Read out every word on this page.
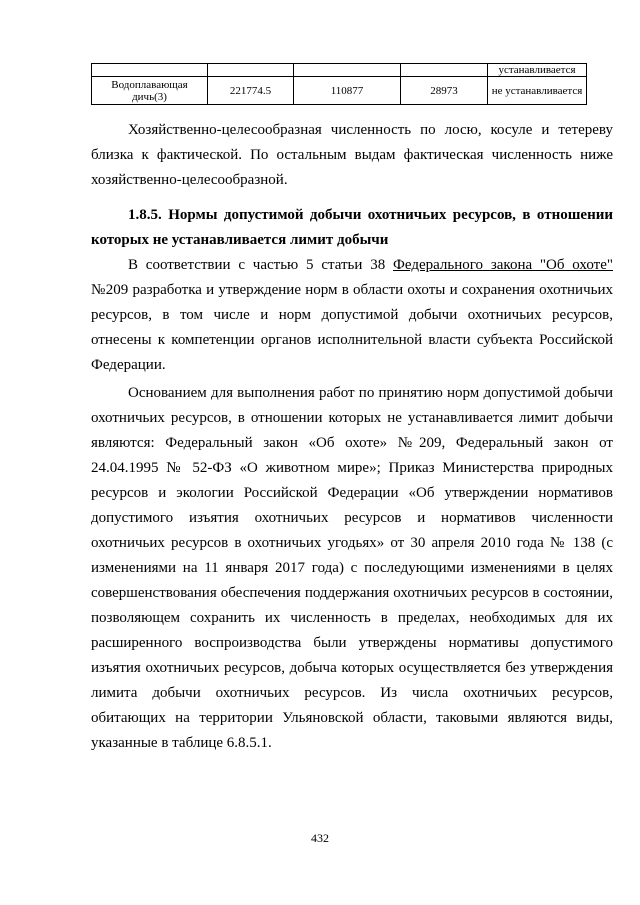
				устанавливается
Водоплавающая дичь(3)	221774.5	110877	28973	не устанавливается

Хозяйственно-целесообразная численность по лосю, косуле и тетереву близка к фактической. По остальным выдам фактическая численность ниже хозяйственно-целесообразной.

1.8.5. Нормы допустимой добычи охотничьих ресурсов, в отношении которых не устанавливается лимит добычи

В соответствии с частью 5 статьи 38 Федерального закона "Об охоте" №209 разработка и утверждение норм в области охоты и сохранения охотничьих ресурсов, в том числе и норм допустимой добычи охотничьих ресурсов, отнесены к компетенции органов исполнительной власти субъекта Российской Федерации.

Основанием для выполнения работ по принятию норм допустимой добычи охотничьих ресурсов, в отношении которых не устанавливается лимит добычи являются: Федеральный закон «Об охоте» №209, Федеральный закон от 24.04.1995 № 52-ФЗ «О животном мире»; Приказ Министерства природных ресурсов и экологии Российской Федерации «Об утверждении нормативов допустимого изъятия охотничьих ресурсов и нормативов численности охотничьих ресурсов в охотничьих угодьях» от 30 апреля 2010 года № 138 (с изменениями на 11 января 2017 года) с последующими изменениями в целях совершенствования обеспечения поддержания охотничьих ресурсов в состоянии, позволяющем сохранить их численность в пределах, необходимых для их расширенного воспроизводства были утверждены нормативы допустимого изъятия охотничьих ресурсов, добыча которых осуществляется без утверждения лимита добычи охотничьих ресурсов. Из числа охотничьих ресурсов, обитающих на территории Ульяновской области, таковыми являются виды, указанные в таблице 6.8.5.1.

432
